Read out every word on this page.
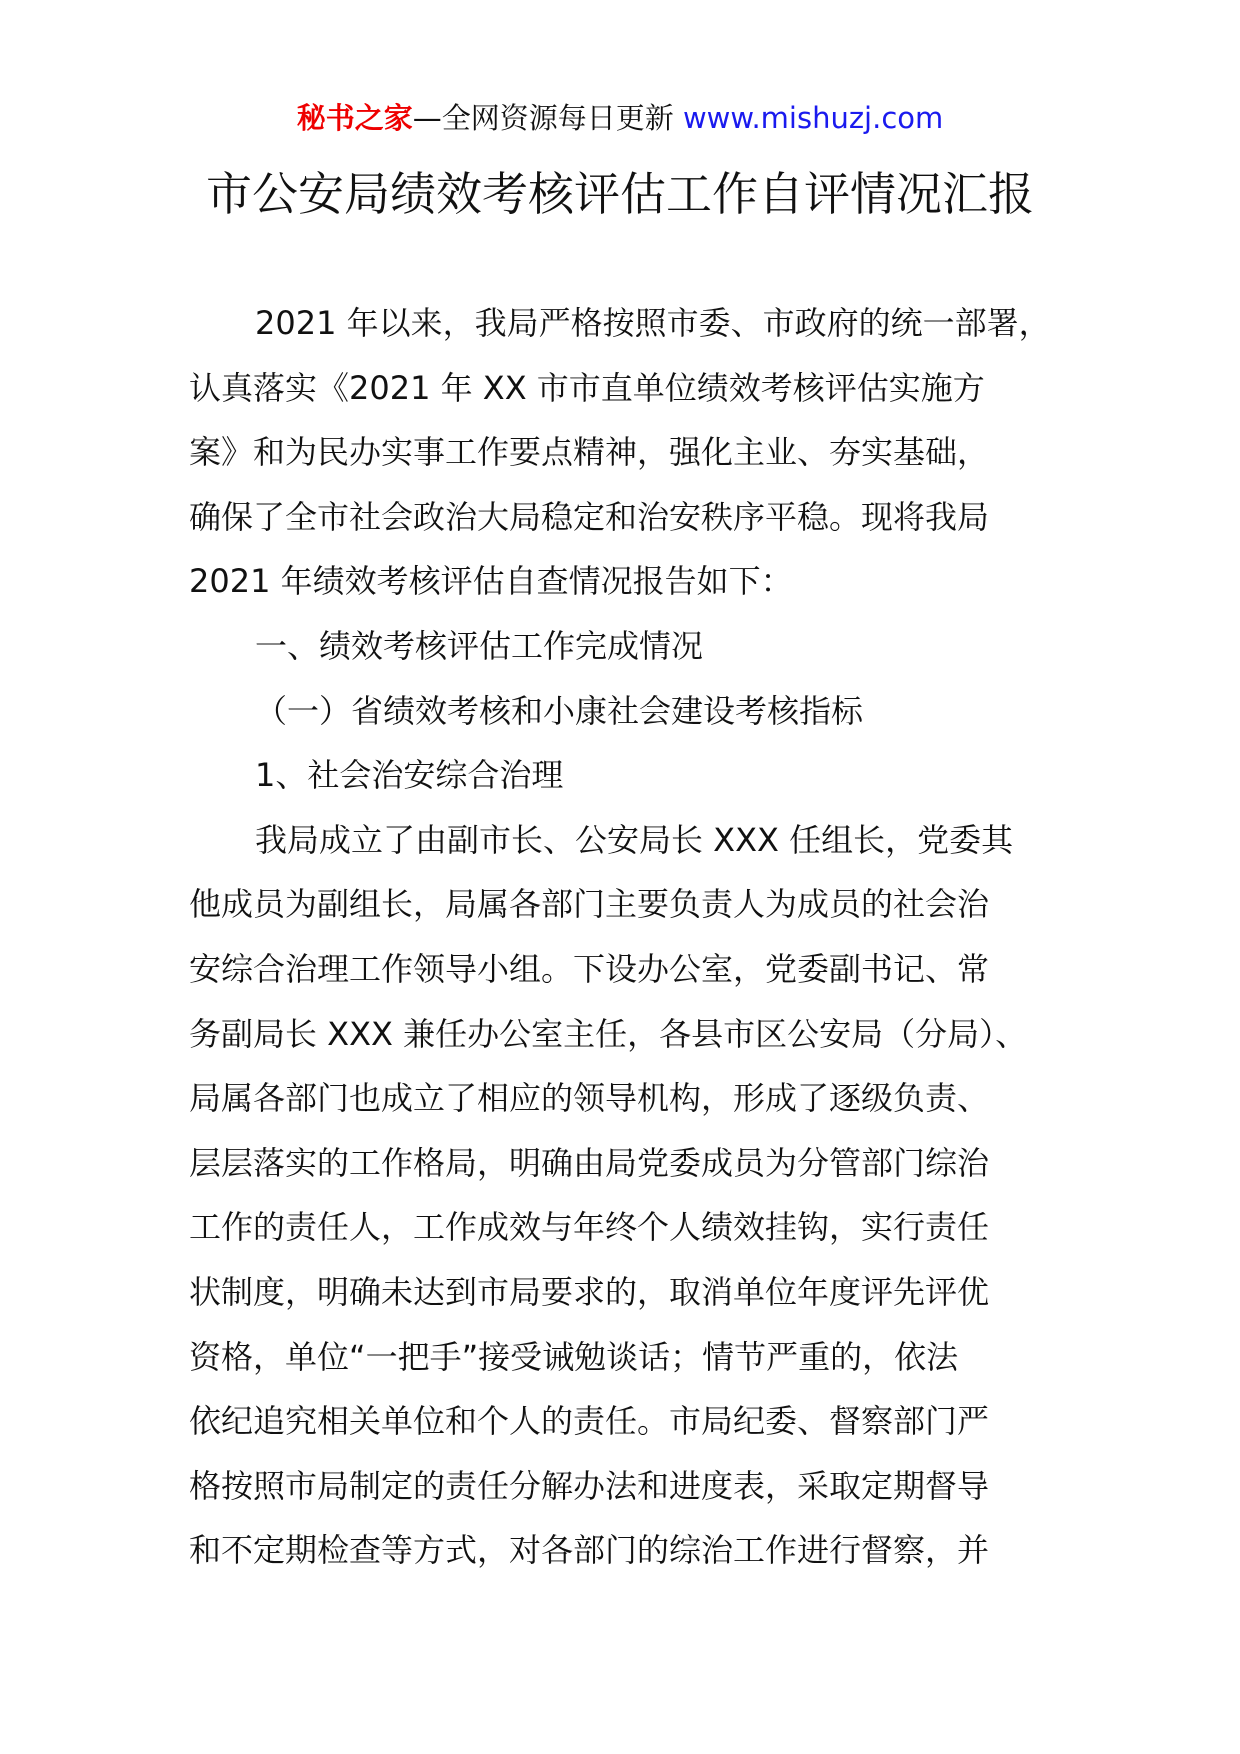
秘书之家—全网资源每日更新 www.mishuzj.com
市公安局绩效考核评估工作自评情况汇报
2021 年以来，我局严格按照市委、市政府的统一部署，
认真落实《2021 年 XX 市市直单位绩效考核评估实施方
案》和为民办实事工作要点精神，强化主业、夯实基础，
确保了全市社会政治大局稳定和治安秩序平稳。现将我局
2021 年绩效考核评估自查情况报告如下：
一、绩效考核评估工作完成情况
（一）省绩效考核和小康社会建设考核指标
1、社会治安综合治理
我局成立了由副市长、公安局长 XXX 任组长，党委其
他成员为副组长，局属各部门主要负责人为成员的社会治
安综合治理工作领导小组。下设办公室，党委副书记、常
务副局长 XXX 兼任办公室主任，各县市区公安局（分局）、
局属各部门也成立了相应的领导机构，形成了逐级负责、
层层落实的工作格局，明确由局党委成员为分管部门综治
工作的责任人，工作成效与年终个人绩效挂钩，实行责任
状制度，明确未达到市局要求的，取消单位年度评先评优
资格，单位“一把手”接受诫勉谈话；情节严重的，依法
依纪追究相关单位和个人的责任。市局纪委、督察部门严
格按照市局制定的责任分解办法和进度表，采取定期督导
和不定期检查等方式，对各部门的综治工作进行督察，并
